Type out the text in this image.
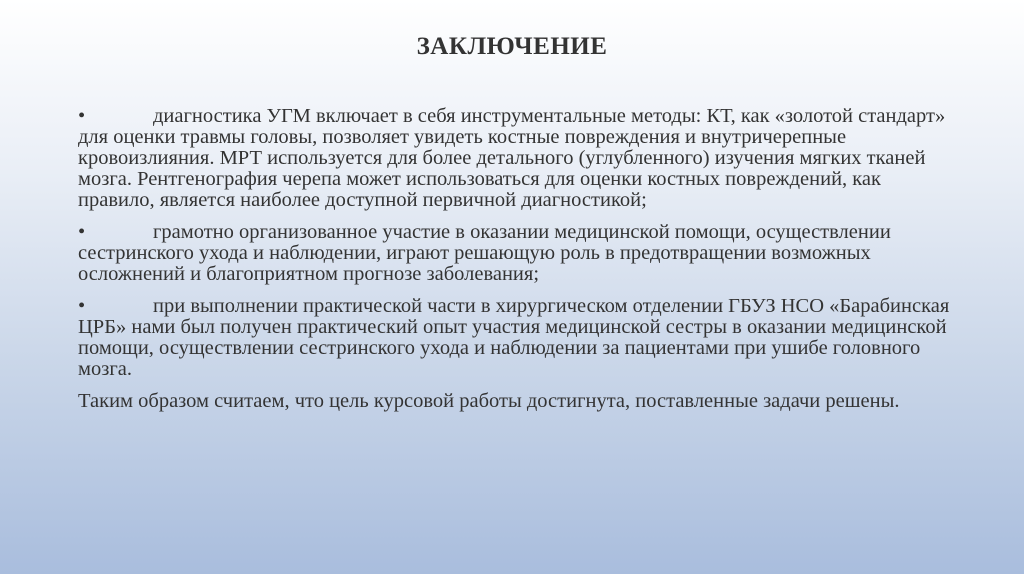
ЗАКЛЮЧЕНИЕ
•	диагностика УГМ включает в себя инструментальные методы: КТ, как «золотой стандарт» для оценки травмы головы, позволяет увидеть костные повреждения и внутричерепные кровоизлияния. МРТ используется для более детального (углубленного) изучения мягких тканей мозга. Рентгенография черепа может использоваться для оценки костных повреждений, как правило, является наиболее доступной первичной диагностикой;
•	грамотно организованное участие в оказании медицинской помощи, осуществлении сестринского ухода и наблюдении, играют решающую роль в предотвращении возможных осложнений и благоприятном прогнозе заболевания;
•	при выполнении практической части в хирургическом отделении ГБУЗ НСО «Барабинская ЦРБ» нами был получен практический опыт участия медицинской сестры в оказании медицинской помощи, осуществлении сестринского ухода и наблюдении за пациентами при ушибе головного мозга.
Таким образом считаем, что цель курсовой работы достигнута, поставленные задачи решены.
